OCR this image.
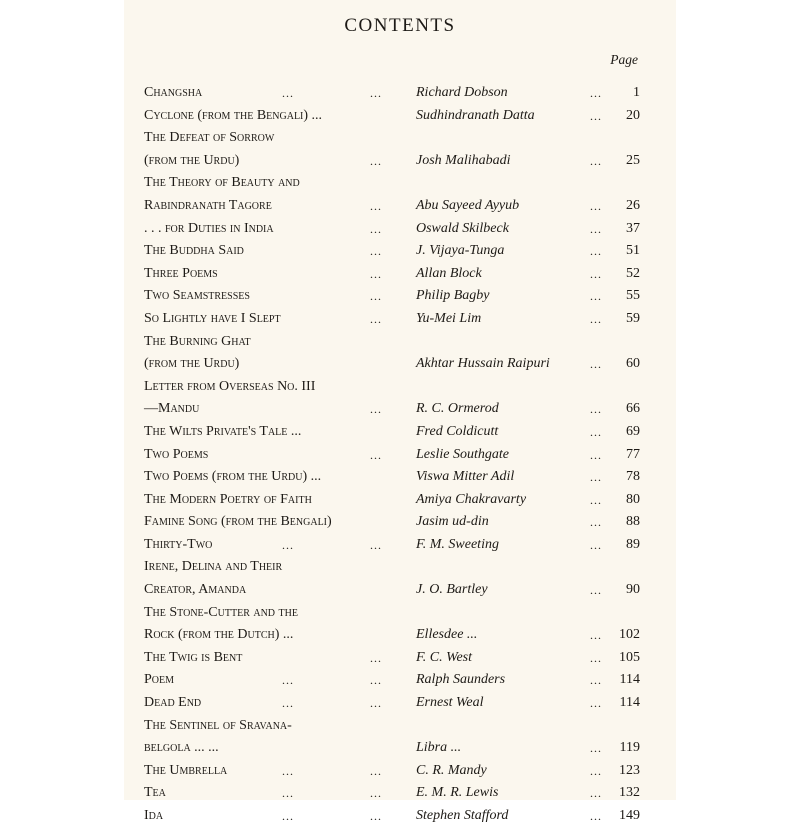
CONTENTS
Page
Changsha	...	... Richard Dobson	...	1
Cyclone (from the Bengali) ...	Sudhindranath Datta	...	20
The Defeat of Sorrow
(from the Urdu)	... Josh Malihabadi	...	25
The Theory of Beauty and
Rabindranath Tagore	... Abu Sayeed Ayyub	...	26
. . . for Duties in India	... Oswald Skilbeck	...	37
The Buddha Said	... J. Vijaya-Tunga	...	51
Three Poems	... Allan Block	...	52
Two Seamstresses	... Philip Bagby	...	55
So Lightly have I Slept	... Yu-Mei Lim	...	59
The Burning Ghat
(from the Urdu)	Akhtar Hussain Raipuri	...	60
Letter from Overseas No. III
—Mandu	... R. C. Ormerod	...	66
The Wilts Private's Tale ...	Fred Coldicutt	...	69
Two Poems	... Leslie Southgate	...	77
Two Poems (from the Urdu) ...	Viswa Mitter Adil	...	78
The Modern Poetry of Faith	Amiya Chakravarty	...	80
Famine Song (from the Bengali)	Jasim ud-din	...	88
Thirty-Two	...	... F. M. Sweeting	...	89
Irene, Delina and Their
Creator, Amanda	J. O. Bartley	...	90
The Stone-Cutter and the
Rock (from the Dutch) ...	Ellesdee ...	...	102
The Twig is Bent	... F. C. West	...	105
Poem	...	... Ralph Saunders	...	114
Dead End	...	... Ernest Weal	...	114
The Sentinel of Sravana-
belgola ... ...	Libra ...	...	119
The Umbrella	...	... C. R. Mandy	...	123
Tea	...	... E. M. R. Lewis	...	132
Ida	...	... Stephen Stafford	...	149
